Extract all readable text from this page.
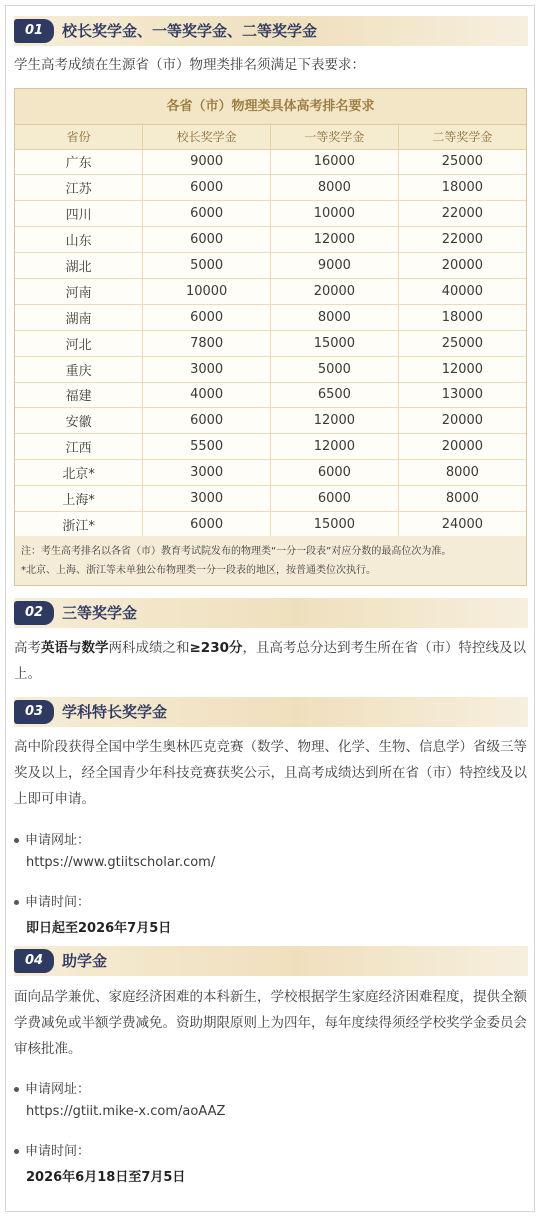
01	校长奖学金、一等奖学金、二等奖学金
学生高考成绩在生源省（市）物理类排名须满足下表要求：
各省（市）物理类具体高考排名要求
省份	校长奖学金	一等奖学金	二等奖学金
广东	9000	16000	25000
江苏	6000	8000	18000
四川	6000	10000	22000
山东	6000	12000	22000
湖北	5000	9000	20000
河南	10000	20000	40000
湖南	6000	8000	18000
河北	7800	15000	25000
重庆	3000	5000	12000
福建	4000	6500	13000
安徽	6000	12000	20000
江西	5500	12000	20000
北京*	3000	6000	8000
上海*	3000	6000	8000
浙江*	6000	15000	24000
注：考生高考排名以各省（市）教育考试院发布的物理类“一分一段表”对应分数的最高位次为准。
*北京、上海、浙江等未单独公布物理类一分一段表的地区，按普通类位次执行。
02	三等奖学金
高考英语与数学两科成绩之和≥230分，且高考总分达到考生所在省（市）特控线及以上。
03	学科特长奖学金
高中阶段获得全国中学生奥林匹克竞赛（数学、物理、化学、生物、信息学）省级三等奖及以上，经全国青少年科技竞赛获奖公示，且高考成绩达到所在省（市）特控线及以上即可申请。
申请网址：
https://www.gtiitscholar.com/
申请时间：
即日起至2026年7月5日
04	助学金
面向品学兼优、家庭经济困难的本科新生，学校根据学生家庭经济困难程度，提供全额学费减免或半额学费减免。资助期限原则上为四年，每年度续得须经学校奖学金委员会审核批准。
申请网址：
https://gtiit.mike-x.com/aoAAZ
申请时间：
2026年6月18日至7月5日
